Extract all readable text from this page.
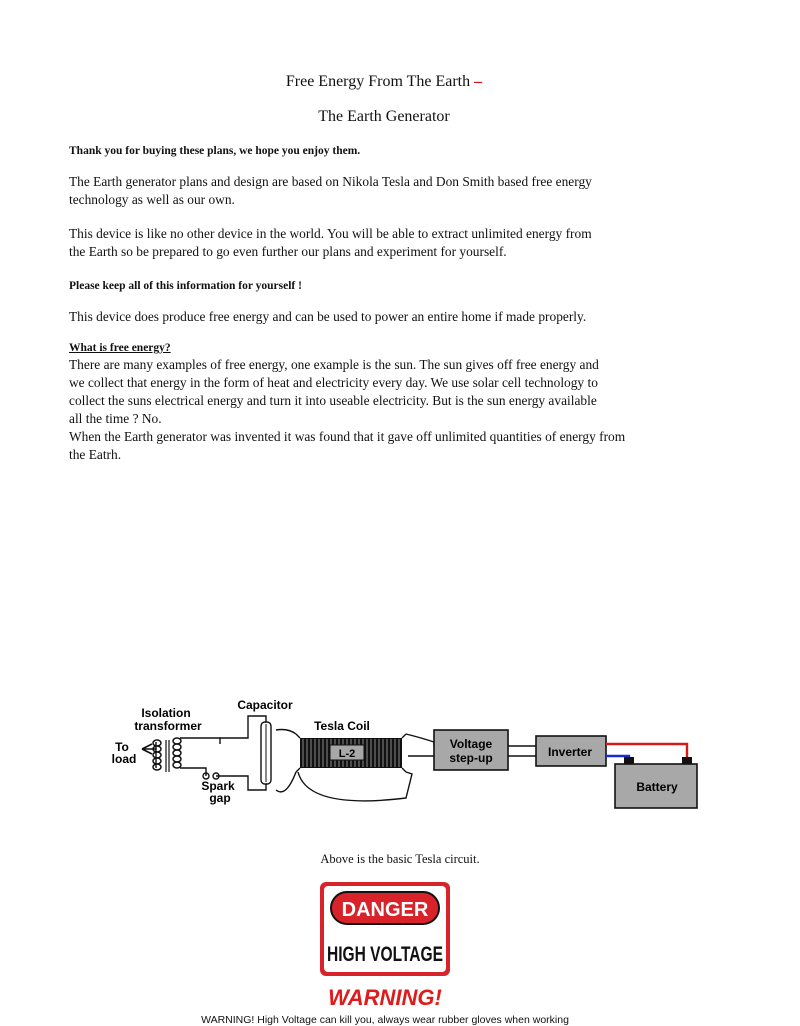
Free Energy From The Earth –
The Earth Generator
Thank you for buying these plans, we hope you enjoy them.
The Earth generator plans and design are based on Nikola Tesla and Don Smith based free energy
technology as well as our own.
This device is like no other device in the world. You will be able to extract unlimited energy from
the Earth so be prepared to go even further our plans and experiment for yourself.
Please keep all of this information for yourself !
This device does produce free energy and can be used to power an entire home if made properly.
What is free energy?
There are many examples of free energy, one example is the sun. The sun gives off free energy and
we collect that energy in the form of heat and electricity every day. We use solar cell technology to
collect the suns electrical energy and turn it into useable electricity. But is the sun energy available
all the time ? No.
When the Earth generator was invented it was found that it gave off unlimited quantities of energy from
the Eatrh.
Isolation
transformer
To
load
Spark
gap
Capacitor
Tesla Coil
L-2
Voltage
step-up	Inverter
Battery
Above is the basic Tesla circuit.
DANGER
HIGH VOLTAGE
WARNING!
WARNING! High Voltage can kill you, always wear rubber gloves when working
